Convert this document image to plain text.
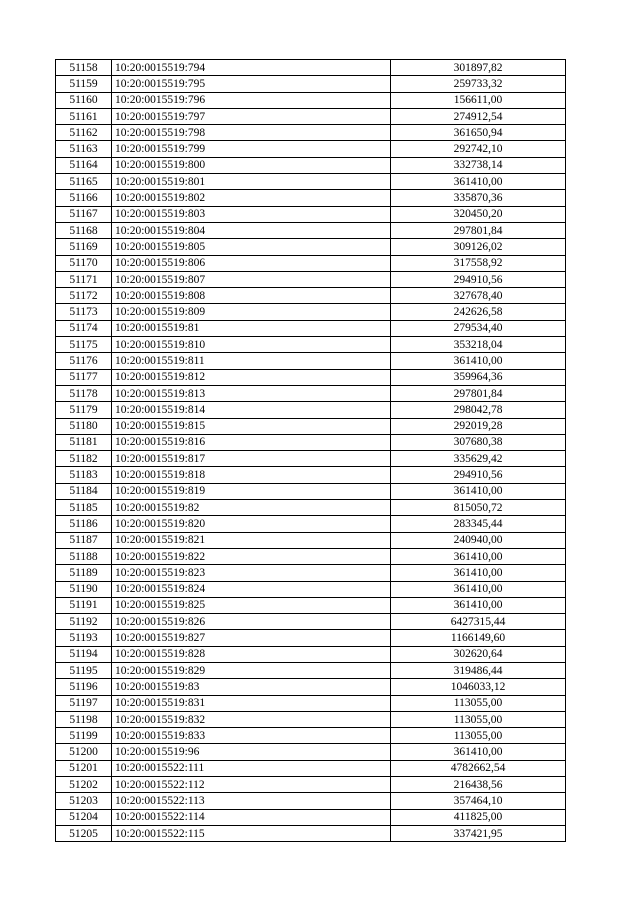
51158	10:20:0015519:794	301897,82
51159	10:20:0015519:795	259733,32
51160	10:20:0015519:796	156611,00
51161	10:20:0015519:797	274912,54
51162	10:20:0015519:798	361650,94
51163	10:20:0015519:799	292742,10
51164	10:20:0015519:800	332738,14
51165	10:20:0015519:801	361410,00
51166	10:20:0015519:802	335870,36
51167	10:20:0015519:803	320450,20
51168	10:20:0015519:804	297801,84
51169	10:20:0015519:805	309126,02
51170	10:20:0015519:806	317558,92
51171	10:20:0015519:807	294910,56
51172	10:20:0015519:808	327678,40
51173	10:20:0015519:809	242626,58
51174	10:20:0015519:81	279534,40
51175	10:20:0015519:810	353218,04
51176	10:20:0015519:811	361410,00
51177	10:20:0015519:812	359964,36
51178	10:20:0015519:813	297801,84
51179	10:20:0015519:814	298042,78
51180	10:20:0015519:815	292019,28
51181	10:20:0015519:816	307680,38
51182	10:20:0015519:817	335629,42
51183	10:20:0015519:818	294910,56
51184	10:20:0015519:819	361410,00
51185	10:20:0015519:82	815050,72
51186	10:20:0015519:820	283345,44
51187	10:20:0015519:821	240940,00
51188	10:20:0015519:822	361410,00
51189	10:20:0015519:823	361410,00
51190	10:20:0015519:824	361410,00
51191	10:20:0015519:825	361410,00
51192	10:20:0015519:826	6427315,44
51193	10:20:0015519:827	1166149,60
51194	10:20:0015519:828	302620,64
51195	10:20:0015519:829	319486,44
51196	10:20:0015519:83	1046033,12
51197	10:20:0015519:831	113055,00
51198	10:20:0015519:832	113055,00
51199	10:20:0015519:833	113055,00
51200	10:20:0015519:96	361410,00
51201	10:20:0015522:111	4782662,54
51202	10:20:0015522:112	216438,56
51203	10:20:0015522:113	357464,10
51204	10:20:0015522:114	411825,00
51205	10:20:0015522:115	337421,95
